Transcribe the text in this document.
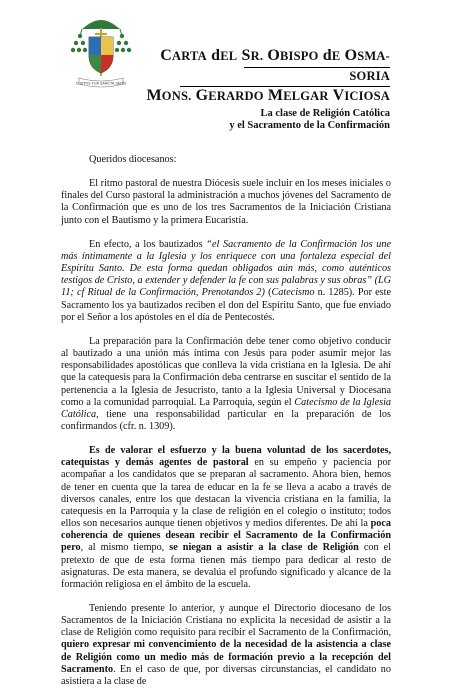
CUSTOS TUA SANCTA SEDIS
CARTA dEL SR. OBISPO dE OSMA-SORIA
MONS. GERARDO MELGAR VICIOSA
La clase de Religión Católica
y el Sacramento de la Confirmación

Queridos diocesanos:

El ritmo pastoral de nuestra Diócesis suele incluir en los meses iniciales o finales del Curso pastoral la administración a muchos jóvenes del Sacramento de la Confirmación que es uno de los tres Sacramentos de la Iniciación Cristiana junto con el Bautismo y la primera Eucaristía.

En efecto, a los bautizados “el Sacramento de la Confirmación los une más íntimamente a la Iglesia y los enriquece con una fortaleza especial del Espíritu Santo. De esta forma quedan obligados aún más, como auténticos testigos de Cristo, a extender y defender la fe con sus palabras y sus obras” (LG 11; cf Ritual de la Confirmación, Prenotandos 2) (Catecismo n. 1285). Por este Sacramento los ya bautizados reciben el don del Espíritu Santo, que fue enviado por el Señor a los apóstoles en el día de Pentecostés.

La preparación para la Confirmación debe tener como objetivo conducir al bautizado a una unión más íntima con Jesús para poder asumir mejor las responsabilidades apostólicas que conlleva la vida cristiana en la Iglesia. De ahí que la catequesis para la Confirmación deba centrarse en suscitar el sentido de la pertenencia a la Iglesia de Jesucristo, tanto a la Iglesia Universal y Diocesana como a la comunidad parroquial. La Parroquia, según el Catecismo de la Iglesia Católica, tiene una responsabilidad particular en la preparación de los confirmandos (cfr. n. 1309).

Es de valorar el esfuerzo y la buena voluntad de los sacerdotes, catequistas y demás agentes de pastoral en su empeño y paciencia por acompañar a los candidatos que se preparan al sacramento. Ahora bien, hemos de tener en cuenta que la tarea de educar en la fe se lleva a acabo a través de diversos canales, entre los que destacan la vivencia cristiana en la familia, la catequesis en la Parroquia y la clase de religión en el colegio o instituto; todos ellos son necesarios aunque tienen objetivos y medios diferentes. De ahí la poca coherencia de quienes desean recibir el Sacramento de la Confirmación pero, al mismo tiempo, se niegan a asistir a la clase de Religión con el pretexto de que de esta forma tienen más tiempo para dedicar al resto de asignaturas. De esta manera, se devalúa el profundo significado y alcance de la formación religiosa en el ámbito de la escuela.

Teniendo presente lo anterior, y aunque el Directorio diocesano de los Sacramentos de la Iniciación Cristiana no explicita la necesidad de asistir a la clase de Religión como requisito para recibir el Sacramento de la Confirmación, quiero expresar mi convencimiento de la necesidad de la asistencia a clase de Religión como un medio más de formación previo a la recepción del Sacramento. En el caso de que, por diversas circunstancias, el candidato no asistiera a la clase de
